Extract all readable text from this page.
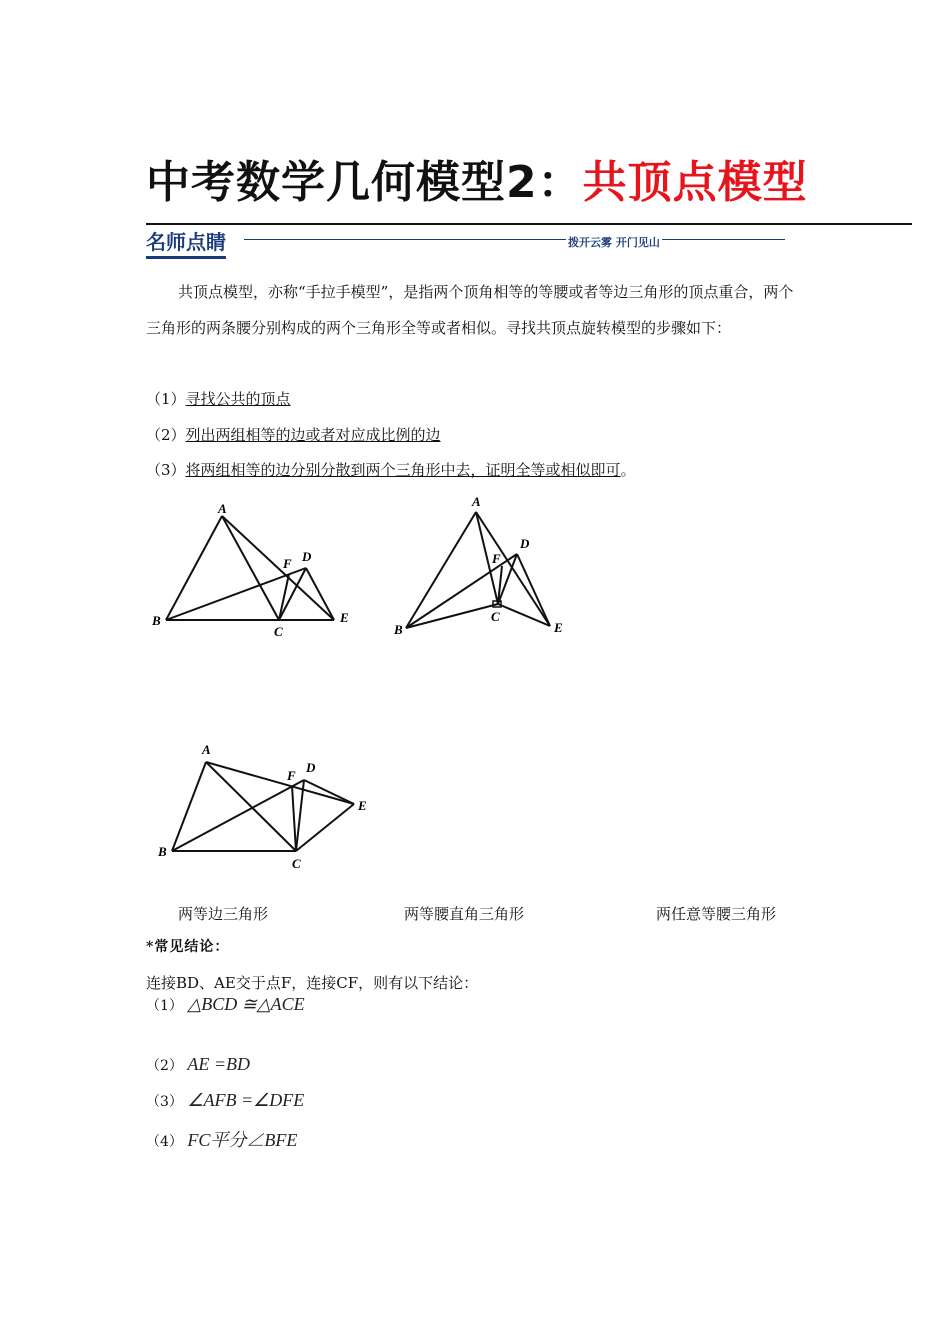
中考数学几何模型2：共顶点模型
名师点睛	拨开云雾 开门见山

共顶点模型，亦称“手拉手模型”，是指两个顶角相等的等腰或者等边三角形的顶点重合，两个三角形的两条腰分别构成的两个三角形全等或者相似。寻找共顶点旋转模型的步骤如下：

（1）寻找公共的顶点
（2）列出两组相等的边或者对应成比例的边
（3）将两组相等的边分别分散到两个三角形中去，证明全等或相似即可。
A
B
C
D
E
F
A
B
C
D
E
F
A
B
C
D
E
F
两等边三角形	两等腰直角三角形	两任意等腰三角形
*常见结论：
连接BD、AE交于点F，连接CF，则有以下结论：
（1） △BCD ≅△ACE
（2） AE =BD
（3） ∠AFB =∠DFE
（4） FC平分∠BFE
